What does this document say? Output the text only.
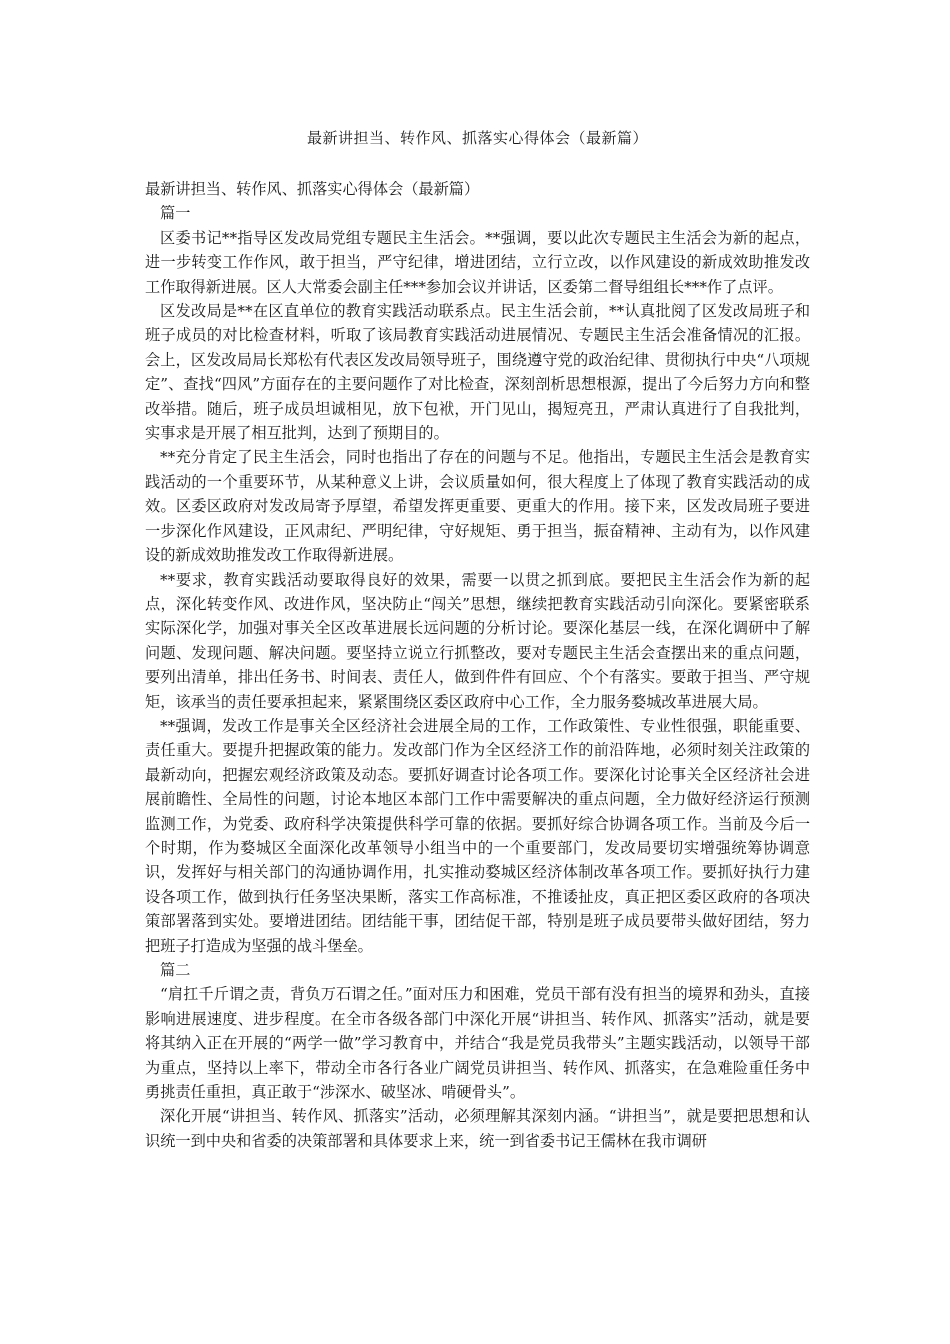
最新讲担当、转作风、抓落实心得体会（最新篇）

最新讲担当、转作风、抓落实心得体会（最新篇）

篇一

区委书记**指导区发改局党组专题民主生活会。**强调，要以此次专题民主生活会为新的起点，进一步转变工作作风，敢于担当，严守纪律，增进团结，立行立改，以作风建设的新成效助推发改工作取得新进展。区人大常委会副主任***参加会议并讲话，区委第二督导组组长***作了点评。

区发改局是**在区直单位的教育实践活动联系点。民主生活会前，**认真批阅了区发改局班子和班子成员的对比检查材料，听取了该局教育实践活动进展情况、专题民主生活会准备情况的汇报。会上，区发改局局长郑松有代表区发改局领导班子，围绕遵守党的政治纪律、贯彻执行中央“八项规定”、查找“四风”方面存在的主要问题作了对比检查，深刻剖析思想根源，提出了今后努力方向和整改举措。随后，班子成员坦诚相见，放下包袱，开门见山，揭短亮丑，严肃认真进行了自我批判，实事求是开展了相互批判，达到了预期目的。

**充分肯定了民主生活会，同时也指出了存在的问题与不足。他指出，专题民主生活会是教育实践活动的一个重要环节，从某种意义上讲，会议质量如何，很大程度上了体现了教育实践活动的成效。区委区政府对发改局寄予厚望，希望发挥更重要、更重大的作用。接下来，区发改局班子要进一步深化作风建设，正风肃纪、严明纪律，守好规矩、勇于担当，振奋精神、主动有为，以作风建设的新成效助推发改工作取得新进展。

**要求，教育实践活动要取得良好的效果，需要一以贯之抓到底。要把民主生活会作为新的起点，深化转变作风、改进作风，坚决防止“闯关”思想，继续把教育实践活动引向深化。要紧密联系实际深化学，加强对事关全区改革进展长远问题的分析讨论。要深化基层一线，在深化调研中了解问题、发现问题、解决问题。要坚持立说立行抓整改，要对专题民主生活会查摆出来的重点问题，要列出清单，排出任务书、时间表、责任人，做到件件有回应、个个有落实。要敢于担当、严守规矩，该承当的责任要承担起来，紧紧围绕区委区政府中心工作，全力服务婺城改革进展大局。

**强调，发改工作是事关全区经济社会进展全局的工作，工作政策性、专业性很强，职能重要、责任重大。要提升把握政策的能力。发改部门作为全区经济工作的前沿阵地，必须时刻关注政策的最新动向，把握宏观经济政策及动态。要抓好调查讨论各项工作。要深化讨论事关全区经济社会进展前瞻性、全局性的问题，讨论本地区本部门工作中需要解决的重点问题，全力做好经济运行预测监测工作，为党委、政府科学决策提供科学可靠的依据。要抓好综合协调各项工作。当前及今后一个时期，作为婺城区全面深化改革领导小组当中的一个重要部门，发改局要切实增强统筹协调意识，发挥好与相关部门的沟通协调作用，扎实推动婺城区经济体制改革各项工作。要抓好执行力建设各项工作，做到执行任务坚决果断，落实工作高标准，不推诿扯皮，真正把区委区政府的各项决策部署落到实处。要增进团结。团结能干事，团结促干部，特别是班子成员要带头做好团结，努力把班子打造成为坚强的战斗堡垒。

篇二

“肩扛千斤谓之责，背负万石谓之任。”面对压力和困难，党员干部有没有担当的境界和劲头，直接影响进展速度、进步程度。在全市各级各部门中深化开展“讲担当、转作风、抓落实”活动，就是要将其纳入正在开展的“两学一做”学习教育中，并结合“我是党员我带头”主题实践活动，以领导干部为重点，坚持以上率下，带动全市各行各业广阔党员讲担当、转作风、抓落实，在急难险重任务中勇挑责任重担，真正敢于“涉深水、破坚冰、啃硬骨头”。

深化开展“讲担当、转作风、抓落实”活动，必须理解其深刻内涵。“讲担当”，就是要把思想和认识统一到中央和省委的决策部署和具体要求上来，统一到省委书记王儒林在我市调研
